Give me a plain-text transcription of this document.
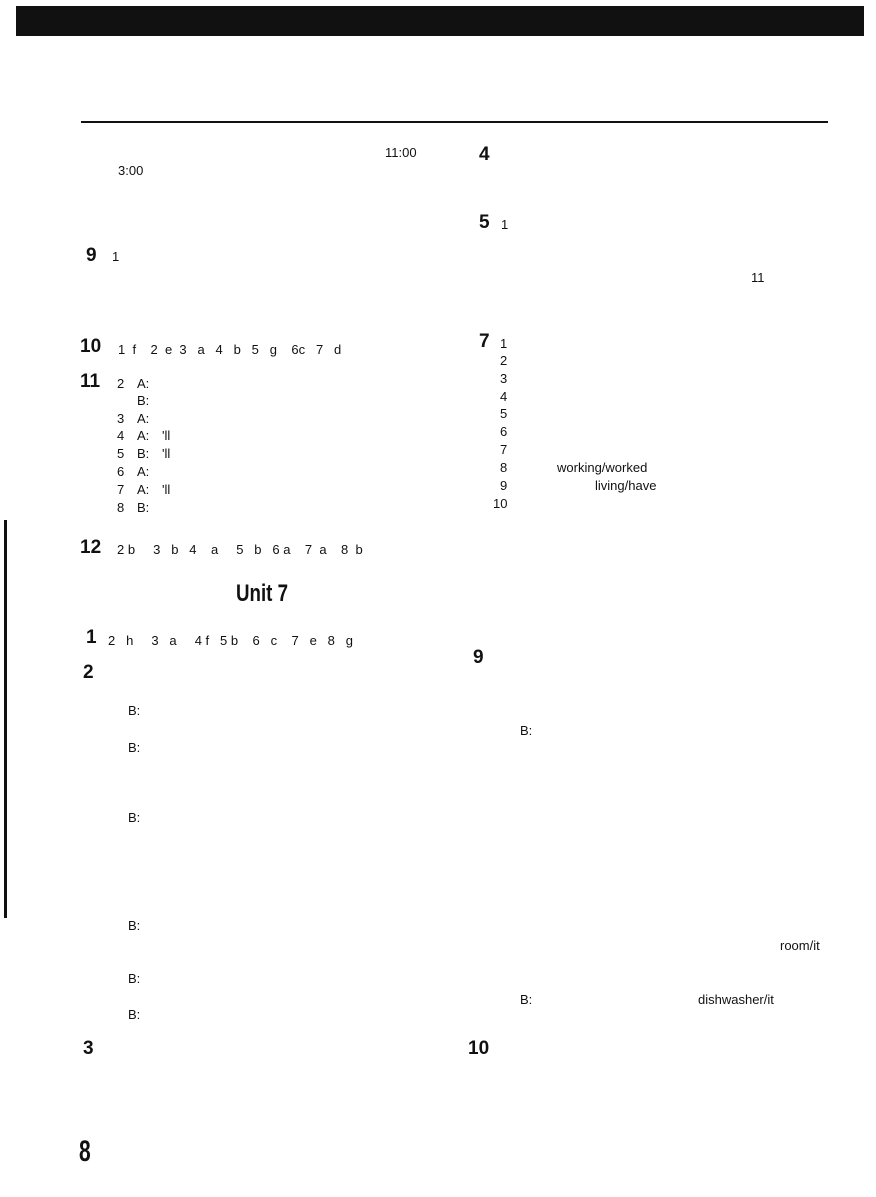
11:00
3:00
9 1
10 1  f    2  e  3   a   4   b   5   g    6c   7   d
11 2 A:
B:
3 A:
4 A: 'll
5 B: 'll
6 A:
7 A: 'll
8 B:
12 2 b     3   b   4    a     5   b   6 a    7  a    8  b
Unit 7
1 2   h     3   a     4 f   5 b    6   c    7   e   8   g
2
B:
B:
B:
B:
B:
B:
3
8
4
5 1
11
7 1
2
3
4
5
6
7
8	working/worked
9	living/have
10
9
B:
room/it
B:	dishwasher/it
10
